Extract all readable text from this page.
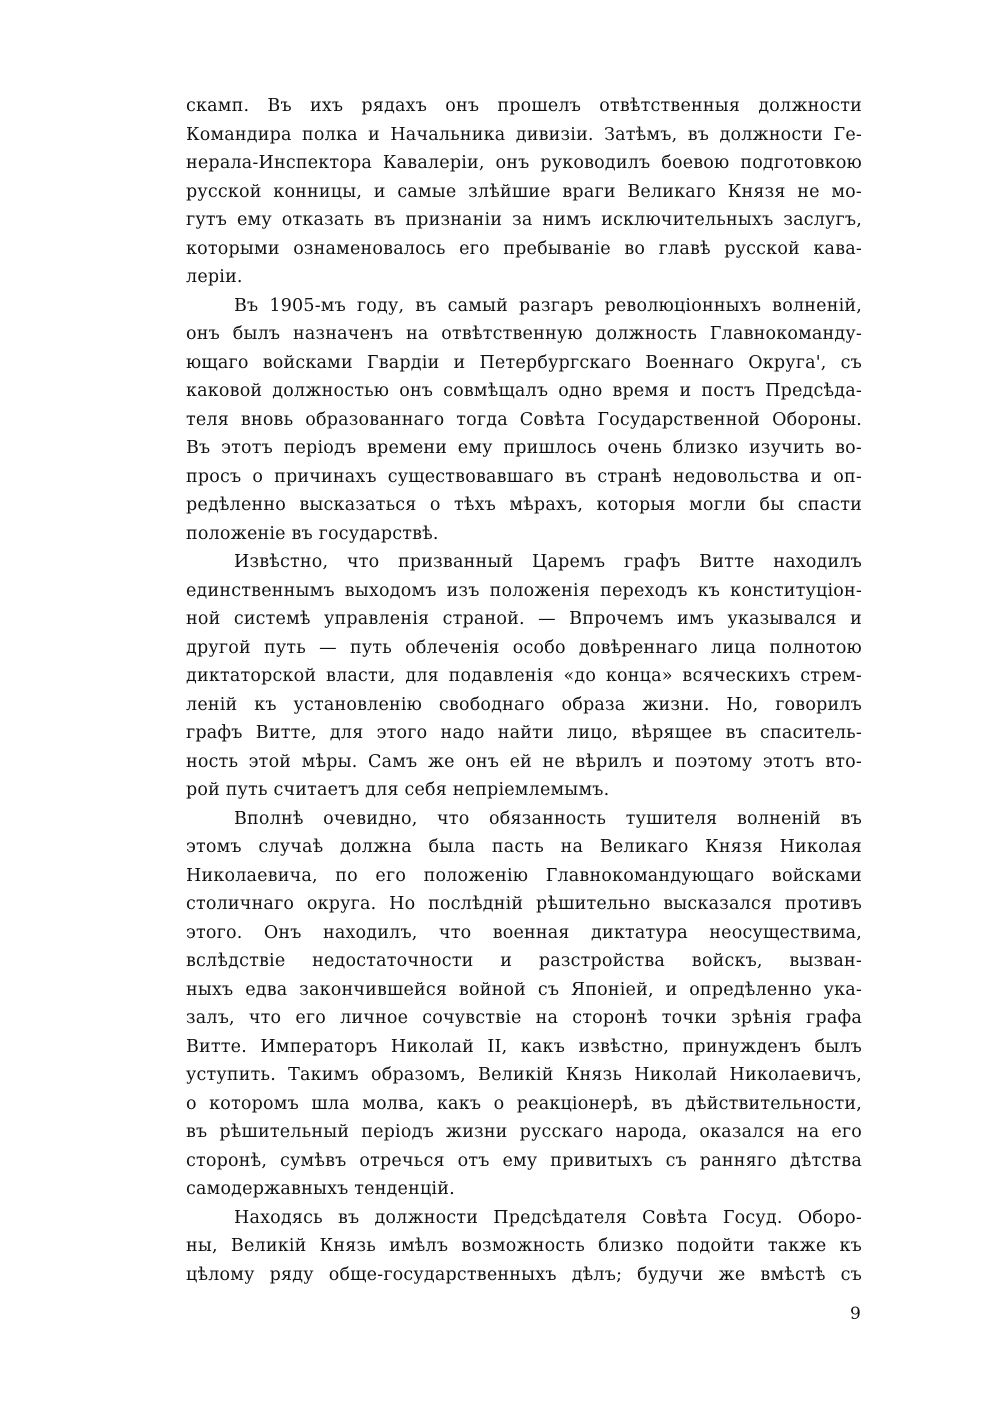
скамп. Въ ихъ рядахъ онъ прошелъ отвѣтственныя должности
Командира полка и Начальника дивизіи. Затѣмъ, въ должности Ге-
нерала-Инспектора Кавалеріи, онъ руководилъ боевою подготовкою
русской конницы, и самые злѣйшие враги Великаго Князя не мо-
гутъ ему отказать въ признаніи за нимъ исключительныхъ заслугъ,
которыми ознаменовалось его пребываніе во главѣ русской кава-
леріи.
Въ 1905-мъ году, въ самый разгаръ революціонныхъ волненій,
онъ былъ назначенъ на отвѣтственную должность Главнокоманду-
ющаго войсками Гвардіи и Петербургскаго Военнаго Округа', съ
каковой должностью онъ совмѣщалъ одно время и постъ Предсѣда-
теля вновь образованнаго тогда Совѣта Государственной Обороны.
Въ этотъ періодъ времени ему пришлось очень близко изучить во-
просъ о причинахъ существовавшаго въ странѣ недовольства и оп-
редѣленно высказаться о тѣхъ мѣрахъ, которыя могли бы спасти
положеніе въ государствѣ.
Извѣстно, что призванный Царемъ графъ Витте находилъ
единственнымъ выходомъ изъ положенія переходъ къ конституціон-
ной системѣ управленія страной. — Впрочемъ имъ указывался и
другой путь — путь облеченія особо довѣреннаго лица полнотою
диктаторской власти, для подавленія «до конца» всяческихъ стрем-
леній къ установленію свободнаго образа жизни. Но, говорилъ
графъ Витте, для этого надо найти лицо, вѣрящее въ спаситель-
ность этой мѣры. Самъ же онъ ей не вѣрилъ и поэтому этотъ вто-
рой путь считаетъ для себя непріемлемымъ.
Вполнѣ очевидно, что обязанность тушителя волненій въ
этомъ случаѣ должна была пасть на Великаго Князя Николая
Николаевича, по его положенію Главнокомандующаго войсками
столичнаго округа. Но послѣдній рѣшительно высказался противъ
этого. Онъ находилъ, что военная диктатура неосуществима,
вслѣдствіе недостаточности и разстройства войскъ, вызван-
ныхъ едва закончившейся войной съ Японіей, и опредѣленно ука-
залъ, что его личное сочувствіе на сторонѣ точки зрѣнія графа
Витте. Императоръ Николай II, какъ извѣстно, принужденъ былъ
уступить. Такимъ образомъ, Великій Князь Николай Николаевичъ,
о которомъ шла молва, какъ о реакціонерѣ, въ дѣйствительности,
въ рѣшительный періодъ жизни русскаго народа, оказался на его
сторонѣ, сумѣвъ отречься отъ ему привитыхъ съ ранняго дѣтства
самодержавныхъ тенденцій.
Находясь въ должности Предсѣдателя Совѣта Госуд. Оборо-
ны, Великій Князь имѣлъ возможность близко подойти также къ
цѣлому ряду обще-государственныхъ дѣлъ; будучи же вмѣстѣ съ
9
